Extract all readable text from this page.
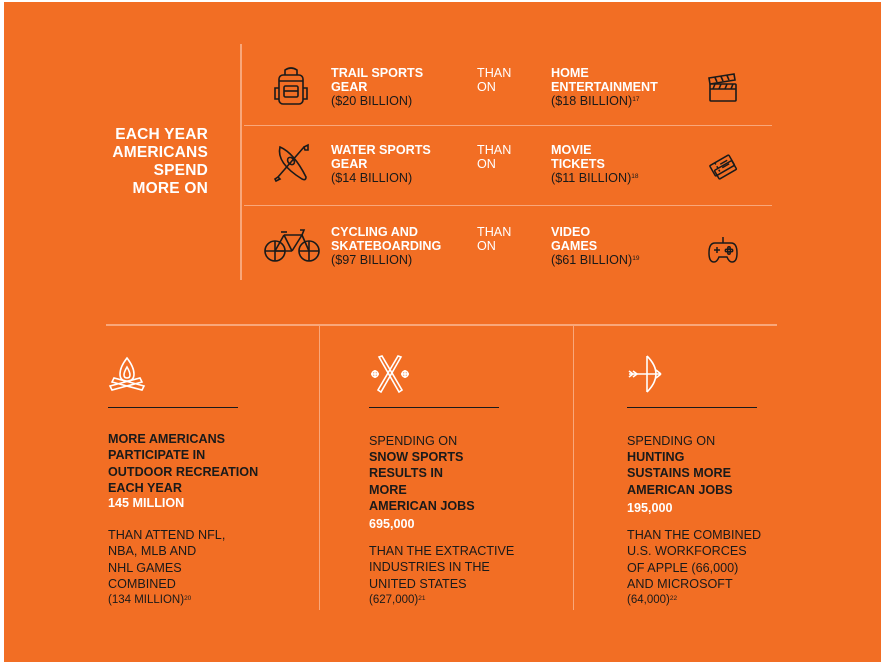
EACH YEAR
AMERICANS
SPEND
MORE ON
TRAIL SPORTS
GEAR
($20 BILLION)
THAN
ON
HOME
ENTERTAINMENT
($18 BILLION)$^{17}$
WATER SPORTS
GEAR
($14 BILLION)
THAN
ON
MOVIE
TICKETS
($11 BILLION)$^{18}$
CYCLING AND
SKATEBOARDING
($97 BILLION)
THAN
ON
VIDEO
GAMES
($61 BILLION)$^{19}$
MORE AMERICANS
PARTICIPATE IN
OUTDOOR RECREATION
EACH YEAR
145 MILLION
THAN ATTEND NFL,
NBA, MLB AND
NHL GAMES
COMBINED
(134 MILLION)$^{20}$
SPENDING ON
SNOW SPORTS
RESULTS IN
MORE
AMERICAN JOBS
695,000
THAN THE EXTRACTIVE
INDUSTRIES IN THE
UNITED STATES
$(627,000)^{21}$
SPENDING ON
HUNTING
SUSTAINS MORE
AMERICAN JOBS
195,000
THAN THE COMBINED
U.S. WORKFORCES
OF APPLE (66,000)
AND MICROSOFT
$(64,000)^{22}$
